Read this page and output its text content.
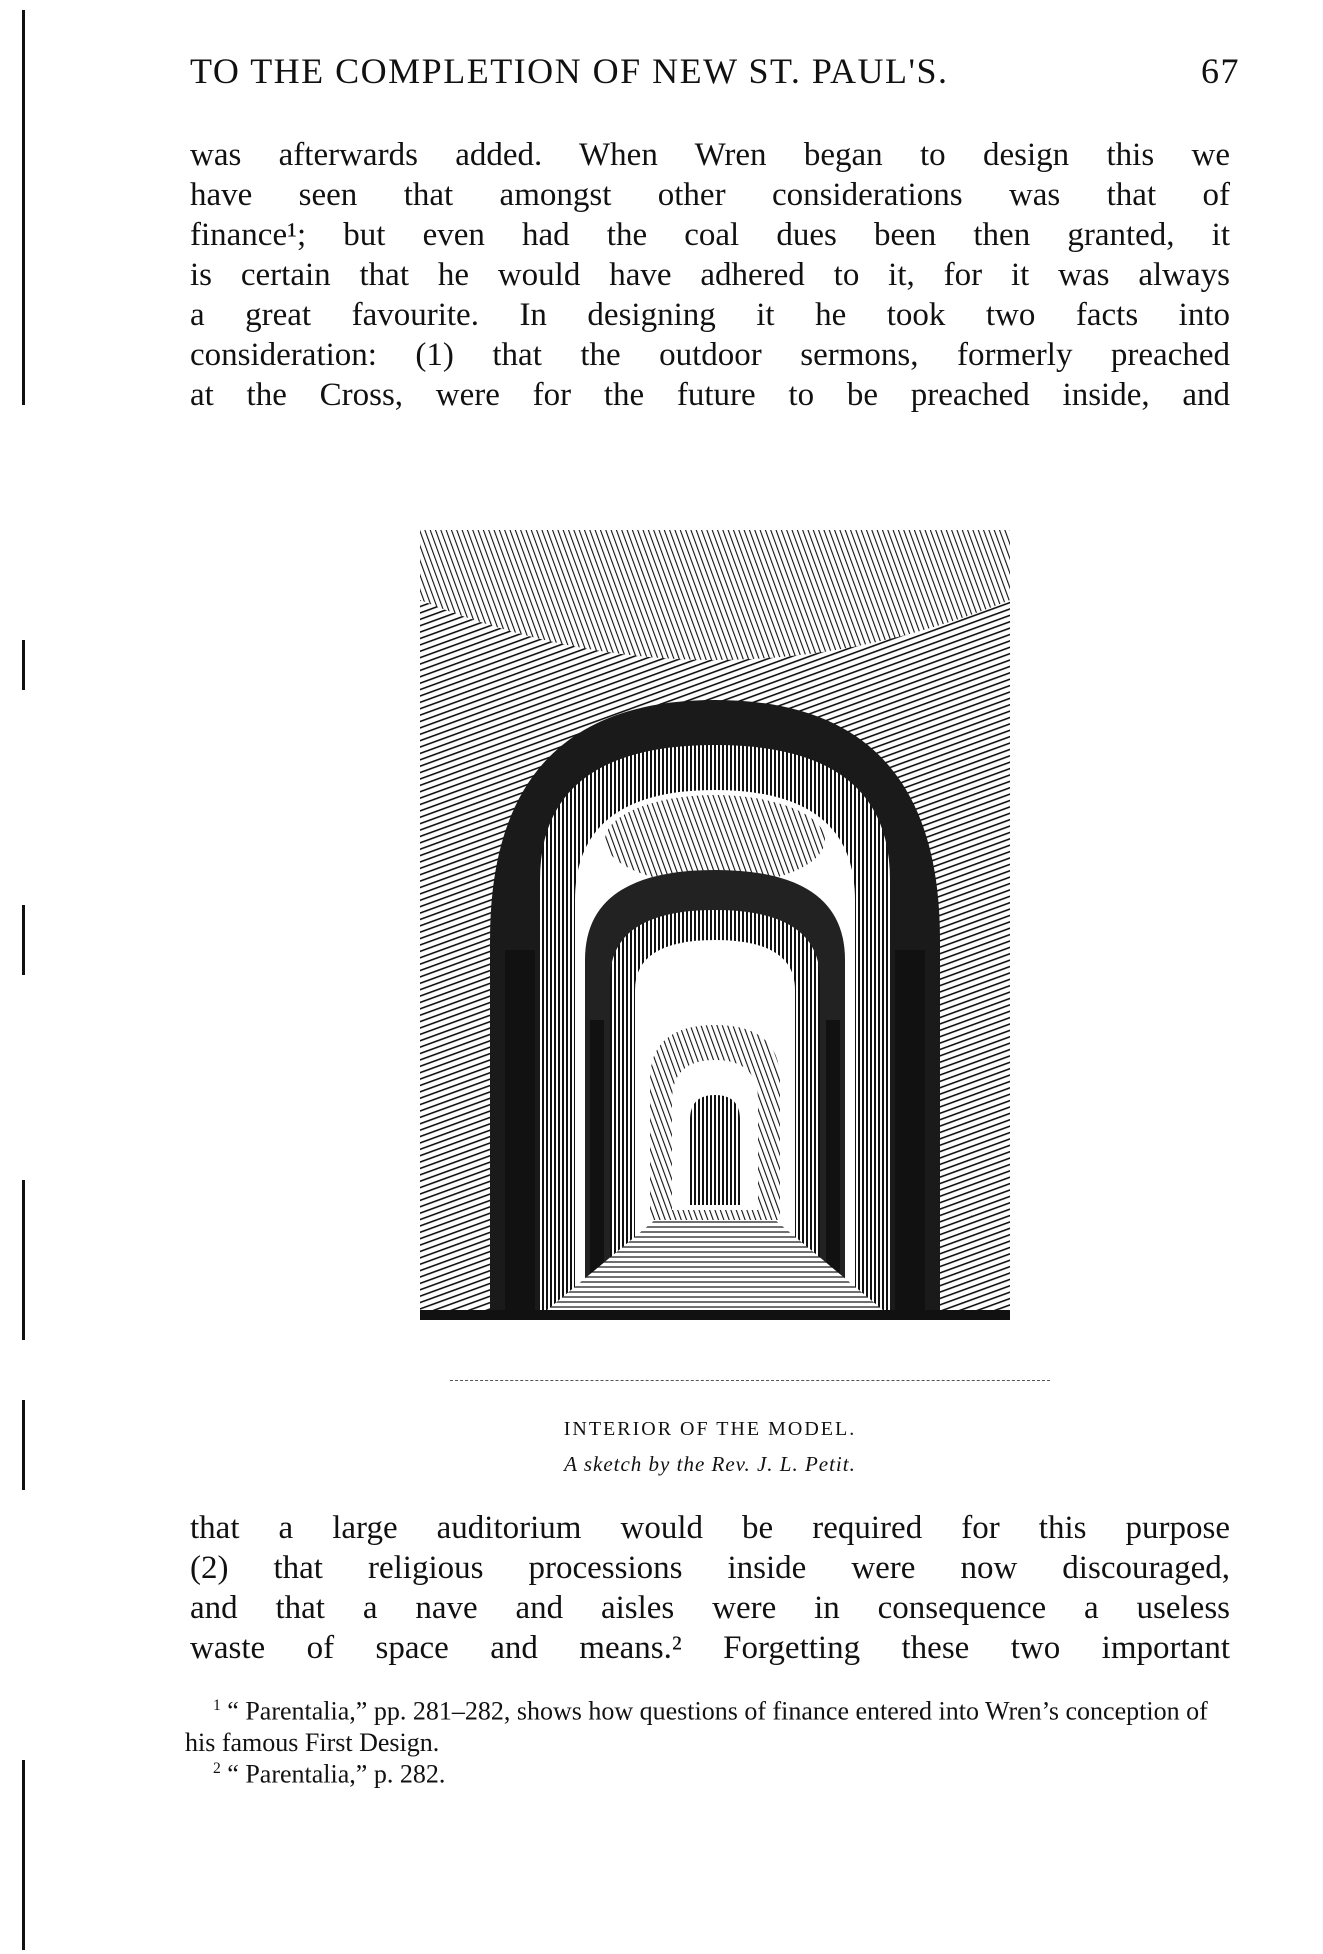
TO THE COMPLETION OF NEW ST. PAUL'S.	67

was afterwards added. When Wren began to design this we
have seen that amongst other considerations was that of
finance¹; but even had the coal dues been then granted, it
is certain that he would have adhered to it, for it was always
a great favourite. In designing it he took two facts into
consideration: (1) that the outdoor sermons, formerly preached
at the Cross, were for the future to be preached inside, and

INTERIOR OF THE MODEL.
A sketch by the Rev. J. L. Petit.

that a large auditorium would be required for this purpose
(2) that religious processions inside were now discouraged,
and that a nave and aisles were in consequence a useless
waste of space and means.² Forgetting these two important

$^1$ “ Parentalia,” pp. 281–282, shows how questions of finance entered into Wren’s conception of his famous First Design.

$^2$ “ Parentalia,” p. 282.
